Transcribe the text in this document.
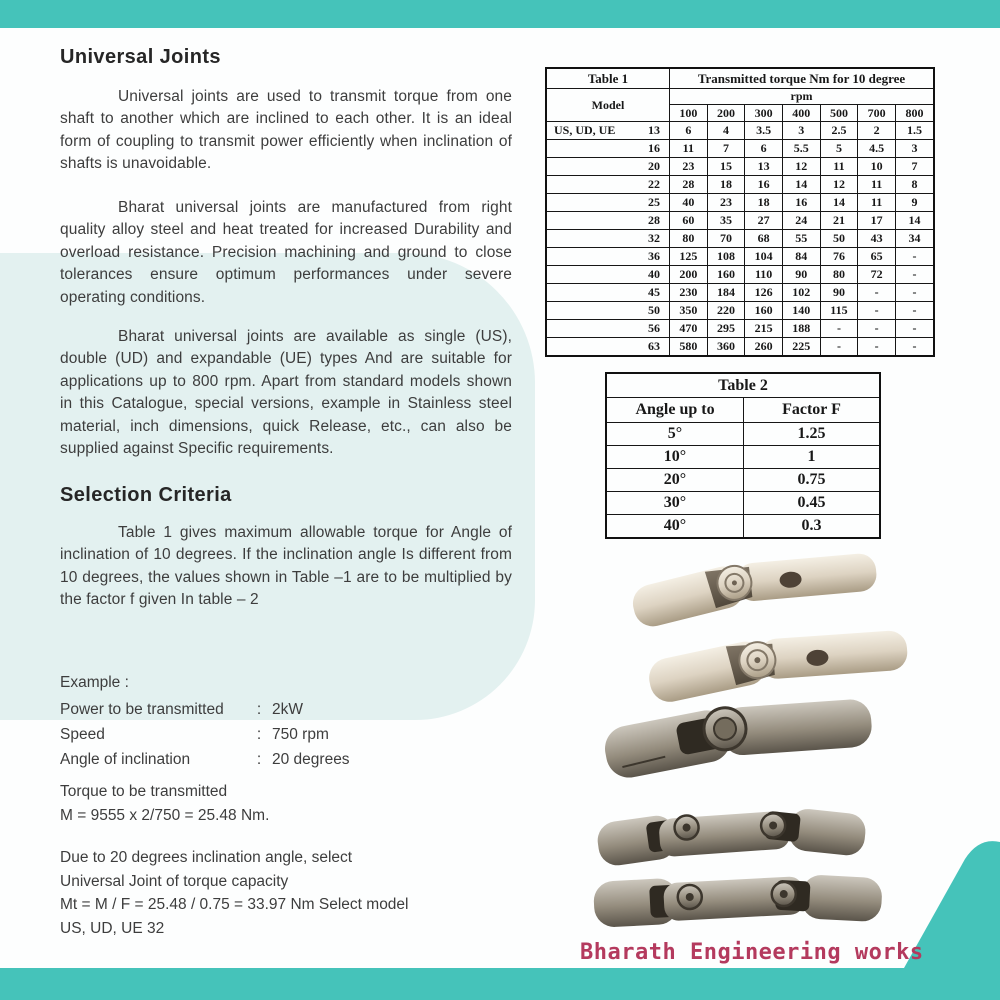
Universal Joints

Universal joints are used to transmit torque from one shaft to another which are inclined to each other. It is an ideal form of coupling to transmit power efficiently when inclination of shafts is unavoidable.

Bharat universal joints are manufactured from right quality alloy steel and heat treated for increased Durability and overload resistance. Precision machining and ground to close tolerances ensure optimum performances under severe operating conditions.

Bharat universal joints are available as single (US), double (UD) and expandable (UE) types And are suitable for applications up to 800 rpm. Apart from standard models shown in this Catalogue, special versions, example in Stainless steel material, inch dimensions, quick Release, etc., can also be supplied against Specific requirements.

Selection Criteria

Table 1 gives maximum allowable torque for Angle of inclination of 10 degrees. If the inclination angle Is different from 10 degrees, the values shown in Table –1 are to be multiplied by the factor f given In table – 2

Example :
Power to be transmitted	: 2kW
Speed	: 750 rpm
Angle of inclination	: 20 degrees
Torque to be transmitted
M = 9555 x 2/750 = 25.48 Nm.
Due to 20 degrees inclination angle, select
Universal Joint of torque capacity
Mt = M / F = 25.48 / 0.75 = 33.97 Nm Select model
US, UD, UE 32
Table 1	Transmitted torque Nm for 10 degree						
Model	rpm						
	100	200	300	400	500	700	800

US, UD, UE 13	6	4	3.5	3	2.5	2	1.5

16	11	7	6	5.5	5	4.5	3

20	23	15	13	12	11	10	7

22	28	18	16	14	12	11	8

25	40	23	18	16	14	11	9

28	60	35	27	24	21	17	14

32	80	70	68	55	50	43	34

36	125	108	104	84	76	65	-

40	200	160	110	90	80	72	-

45	230	184	126	102	90	-	-

50	350	220	160	140	115	-	-

56	470	295	215	188	-	-	-

63	580	360	260	225	-	-	-
Table 2	
Angle up to	Factor F
5°	1.25
10°	1
20°	0.75
30°	0.45
40°	0.3
Bharath Engineering works
